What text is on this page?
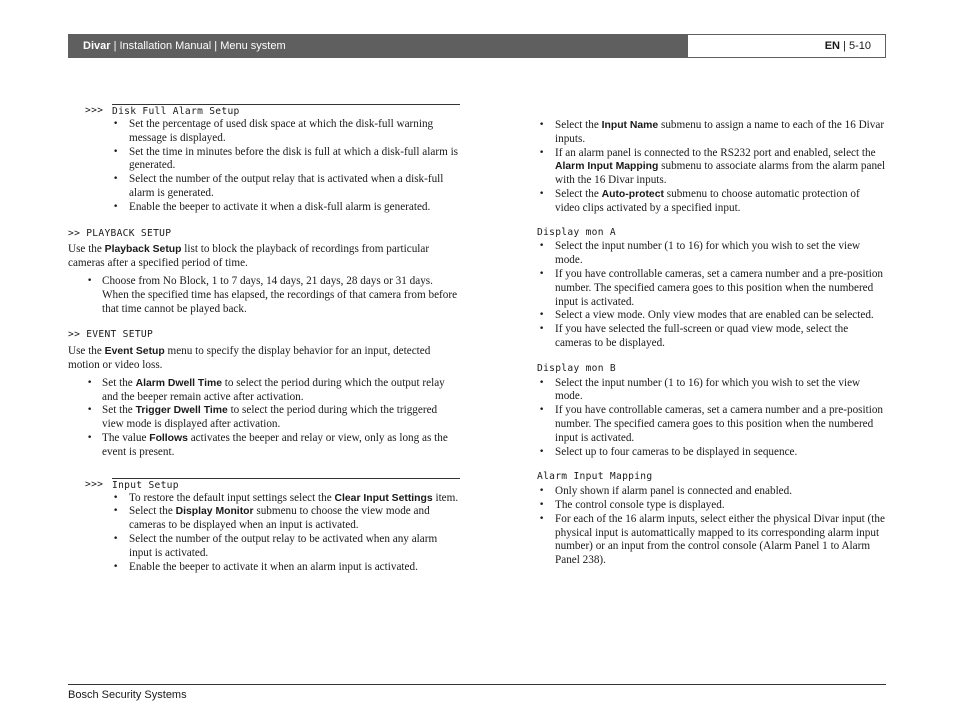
Divar | Installation Manual | Menu system	EN | 5-10
>>> Disk Full Alarm Setup
• Set the percentage of used disk space at which the disk-full warning message is displayed.
• Set the time in minutes before the disk is full at which a disk-full alarm is generated.
• Select the number of the output relay that is activated when a disk-full alarm is generated.
• Enable the beeper to activate it when a disk-full alarm is generated.
>> PLAYBACK SETUP

Use the Playback Setup list to block the playback of recordings from particular cameras after a specified period of time.

• Choose from No Block, 1 to 7 days, 14 days, 21 days, 28 days or 31 days. When the specified time has elapsed, the recordings of that camera from before that time cannot be played back.
>> EVENT SETUP

Use the Event Setup menu to specify the display behavior for an input, detected motion or video loss.

• Set the Alarm Dwell Time to select the period during which the output relay and the beeper remain active after activation.
• Set the Trigger Dwell Time to select the period during which the triggered view mode is displayed after activation.
• The value Follows activates the beeper and relay or view, only as long as the event is present.
>>> Input Setup
• To restore the default input settings select the Clear Input Settings item.
• Select the Display Monitor submenu to choose the view mode and cameras to be displayed when an input is activated.
• Select the number of the output relay to be activated when any alarm input is activated.
• Enable the beeper to activate it when an alarm input is activated.
• Select the Input Name submenu to assign a name to each of the 16 Divar inputs.
• If an alarm panel is connected to the RS232 port and enabled, select the Alarm Input Mapping submenu to associate alarms from the alarm panel with the 16 Divar inputs.
• Select the Auto-protect submenu to choose automatic protection of video clips activated by a specified input.
Display mon A
• Select the input number (1 to 16) for which you wish to set the view mode.
• If you have controllable cameras, set a camera number and a pre-position number. The specified camera goes to this position when the numbered input is activated.
• Select a view mode. Only view modes that are enabled can be selected.
• If you have selected the full-screen or quad view mode, select the cameras to be displayed.
Display mon B
• Select the input number (1 to 16) for which you wish to set the view mode.
• If you have controllable cameras, set a camera number and a pre-position number. The specified camera goes to this position when the numbered input is activated.
• Select up to four cameras to be displayed in sequence.
Alarm Input Mapping
• Only shown if alarm panel is connected and enabled.
• The control console type is displayed.
• For each of the 16 alarm inputs, select either the physical Divar input (the physical input is automattically mapped to its corresponding alarm input number) or an input from the control console (Alarm Panel 1 to Alarm Panel 238).
Bosch Security Systems
